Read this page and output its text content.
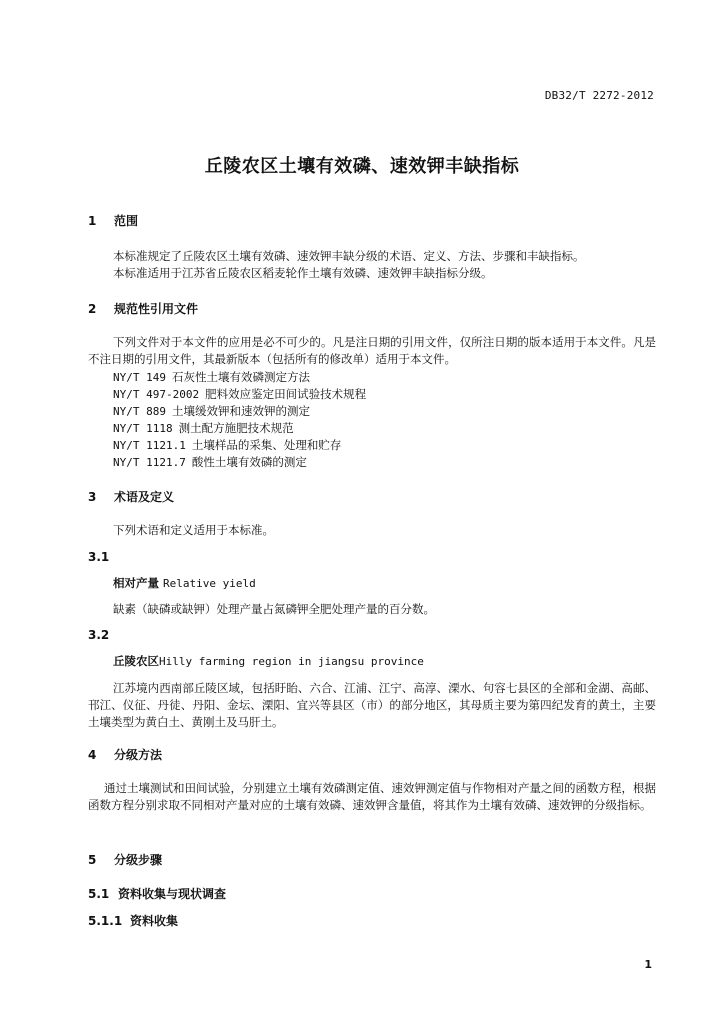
DB32/T 2272-2012
丘陵农区土壤有效磷、速效钾丰缺指标
1 范围
本标准规定了丘陵农区土壤有效磷、速效钾丰缺分级的术语、定义、方法、步骤和丰缺指标。
本标准适用于江苏省丘陵农区稻麦轮作土壤有效磷、速效钾丰缺指标分级。
2 规范性引用文件
下列文件对于本文件的应用是必不可少的。凡是注日期的引用文件，仅所注日期的版本适用于本文件。凡是不注日期的引用文件，其最新版本（包括所有的修改单）适用于本文件。
NY/T 149 石灰性土壤有效磷测定方法
NY/T 497-2002 肥料效应鉴定田间试验技术规程
NY/T 889 土壤缓效钾和速效钾的测定
NY/T 1118 测土配方施肥技术规范
NY/T 1121.1 土壤样品的采集、处理和贮存
NY/T 1121.7 酸性土壤有效磷的测定
3 术语及定义
下列术语和定义适用于本标准。
3.1
相对产量 Relative yield
缺素（缺磷或缺钾）处理产量占氮磷钾全肥处理产量的百分数。
3.2
丘陵农区Hilly farming region in jiangsu province
江苏境内西南部丘陵区域，包括盱眙、六合、江浦、江宁、高淳、溧水、句容七县区的全部和金湖、高邮、邗江、仪征、丹徒、丹阳、金坛、溧阳、宜兴等县区（市）的部分地区，其母质主要为第四纪发育的黄土，主要土壤类型为黄白土、黄刚土及马肝土。
4 分级方法
通过土壤测试和田间试验，分别建立土壤有效磷测定值、速效钾测定值与作物相对产量之间的函数方程，根据函数方程分别求取不同相对产量对应的土壤有效磷、速效钾含量值，将其作为土壤有效磷、速效钾的分级指标。
5 分级步骤
5.1 资料收集与现状调查
5.1.1 资料收集
1
